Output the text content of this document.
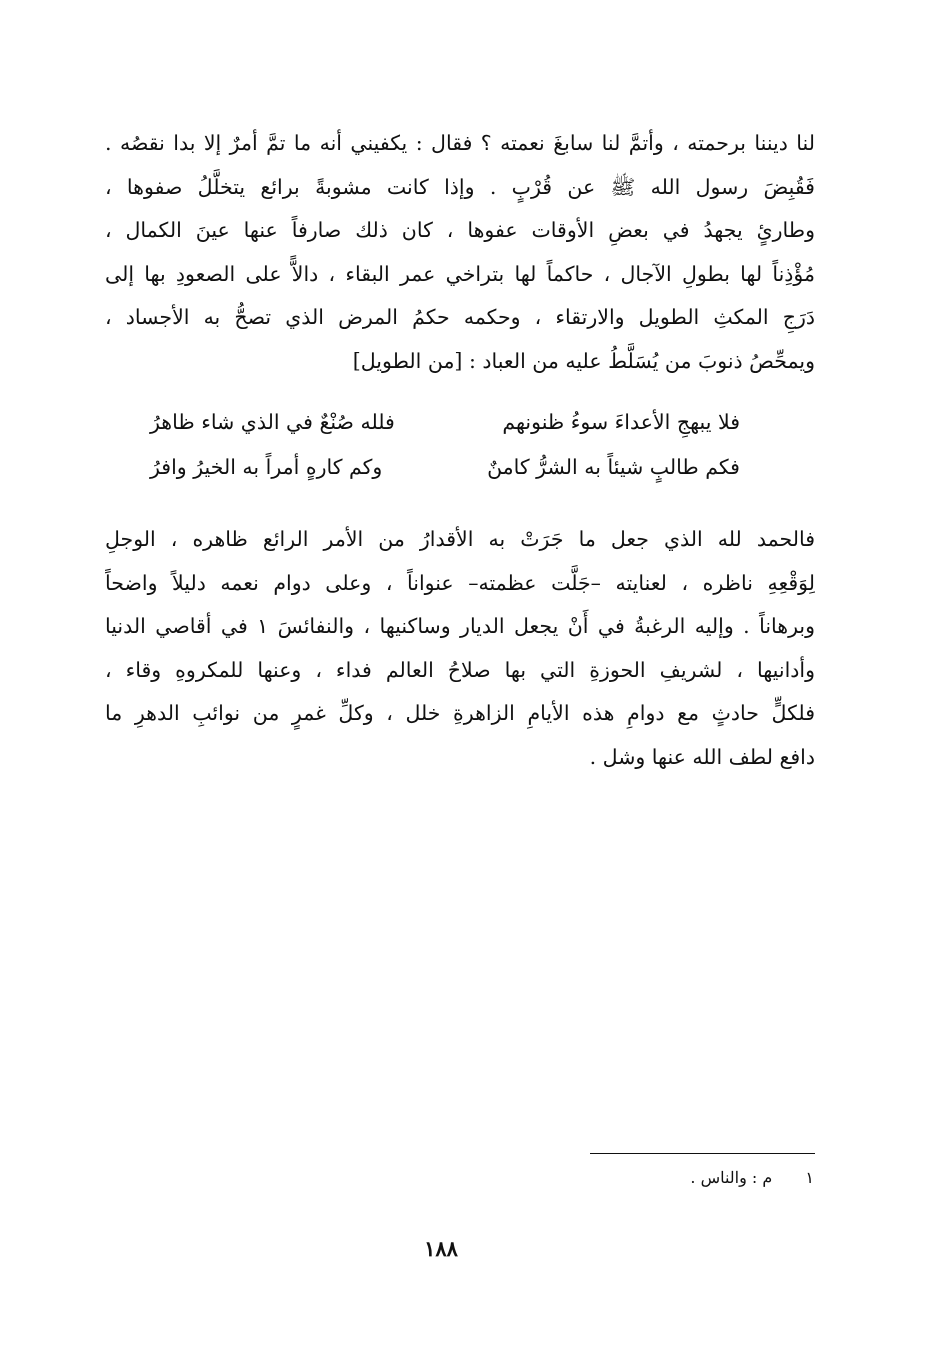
لنا ديننا برحمته ، وأتمَّ لنا سابغَ نعمته ؟ فقال : يكفيني أنه ما تمَّ أمرٌ إلا بدا نقصُه .
فَقُبِضَ رسول الله ﷺ عن قُرْبٍ . وإذا كانت مشوبةً برائع يتخلَّلُ صفوها ،
وطارئٍ يجهدُ في بعضِ الأوقات عفوها ، كان ذلك صارفاً عنها عينَ الكمال ،
مُؤْذِناً لها بطولِ الآجال ، حاكماً لها بتراخي عمر البقاء ، دالاًّ على الصعودِ بها إلى
دَرَجِ المكثِ الطويل والارتقاء ، وحكمه حكمُ المرض الذي تصحُّ به الأجساد ،
ويمحِّصُ ذنوبَ من يُسَلَّطُ عليه من العباد : [من الطويل]
فلا يبهجِ الأعداءَ سوءُ ظنونهم
فلله صُنْعٌ في الذي شاء ظاهرُ
فكم طالبٍ شيئاً به الشرُّ كامنٌ
وكم كارهٍ أمراً به الخيرُ وافرُ
فالحمد لله الذي جعل ما جَرَتْ به الأقدارُ من الأمر الرائع ظاهره ، الوجلِ
لِوَقْعِهِ ناظره ، لعنايته –جَلَّت عظمته– عنواناً ، وعلى دوام نعمه دليلاً واضحاً
وبرهاناً . وإليه الرغبةُ في أَنْ يجعل الديار وساكنيها ، والنفائسَ ١ في أقاصي الدنيا
وأدانيها ، لشريفِ الحوزةِ التي بها صلاحُ العالم فداء ، وعنها للمكروهِ وقاء ،
فلكلٍّ حادثٍ مع دوامِ هذه الأيامِ الزاهرةِ خلل ، وكلِّ غمرٍ من نوائبِ الدهرِ ما
دافع لطف الله عنها وشل .
١ م : والناس .
١٨٨
